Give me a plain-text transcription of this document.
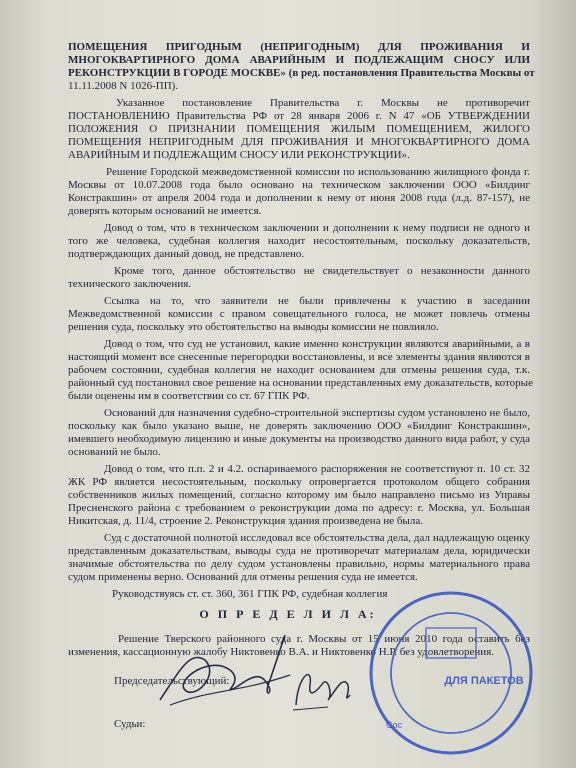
ПОМЕЩЕНИЯ ПРИГОДНЫМ (НЕПРИГОДНЫМ) ДЛЯ ПРОЖИВАНИЯ И
МНОГОКВАРТИРНОГО ДОМА АВАРИЙНЫМ И ПОДЛЕЖАЩИМ СНОСУ ИЛИ
РЕКОНСТРУКЦИИ В ГОРОДЕ МОСКВЕ» (в ред. постановления Правительства Москвы от
11.11.2008 N 1026-ПП).
Указанное постановление Правительства г. Москвы не противоречит
ПОСТАНОВЛЕНИЮ Правительства РФ от 28 января 2006 г. N 47 «ОБ УТВЕРЖДЕНИИ
ПОЛОЖЕНИЯ О ПРИЗНАНИИ ПОМЕЩЕНИЯ ЖИЛЫМ ПОМЕЩЕНИЕМ, ЖИЛОГО
ПОМЕЩЕНИЯ НЕПРИГОДНЫМ ДЛЯ ПРОЖИВАНИЯ И МНОГОКВАРТИРНОГО ДОМА
АВАРИЙНЫМ И ПОДЛЕЖАЩИМ СНОСУ ИЛИ РЕКОНСТРУКЦИИ».
Решение Городской межведомственной комиссии по использованию жилищного фонда г.
Москвы от 10.07.2008 года было основано на техническом заключении ООО «Билдинг
Констракшин» от апреля 2004 года и дополнении к нему от июня 2008 года (л.д. 87-157), не
доверять которым оснований не имеется.
Довод о том, что в техническом заключении и дополнении к нему подписи не одного и
того же человека, судебная коллегия находит несостоятельным, поскольку доказательств,
подтверждающих данный довод, не представлено.
Кроме того, данное обстоятельство не свидетельствует о незаконности данного
технического заключения.
Ссылка на то, что заявители не были привлечены к участию в заседании
Межведомственной комиссии с правом совещательного голоса, не может повлечь отмены
решения суда, поскольку это обстоятельство на выводы комиссии не повлияло.
Довод о том, что суд не установил, какие именно конструкции являются аварийными, а в
настоящий момент все снесенные перегородки восстановлены, и все элементы здания являются в
рабочем состоянии, судебная коллегия не находит основанием для отмены решения суда, т.к.
районный суд постановил свое решение на основании представленных ему доказательств, которые
были оценены им в соответствии со ст. 67 ГПК РФ.
Оснований для назначения судебно-строительной экспертизы судом установлено не было,
поскольку как было указано выше, не доверять заключению ООО «Билдинг Констракшин»,
имевшего необходимую лицензию и иные документы на производство данного вида работ, у суда
оснований не было.
Довод о том, что п.п. 2 и 4.2. оспариваемого распоряжения не соответствуют п. 10 ст. 32
ЖК РФ является несостоятельным, поскольку опровергается протоколом общего собрания
собственников жилых помещений, согласно которому им было направлено письмо из Управы
Пресненского района с требованием о реконструкции дома по адресу: г. Москва, ул. Большая
Никитская, д. 11/4, строение 2. Реконструкция здания произведена не была.
Суд с достаточной полнотой исследовал все обстоятельства дела, дал надлежащую оценку
представленным доказательствам, выводы суда не противоречат материалам дела, юридически
значимые обстоятельства по делу судом установлены правильно, нормы материального права
судом применены верно. Оснований для отмены решения суда не имеется.
Руководствуясь ст. ст. 360, 361 ГПК РФ, судебная коллегия
О П Р Е Д Е Л И Л А:
Решение Тверского районного суда г. Москвы от 15 июня 2010 года оставить без
изменения, кассационную жалобу Никтовенко В.А. и Никтовенко Н.Р. без удовлетворения.
Председательствующий:
Судьи:
ДЛЯ ПАКЕТОВ
Сос
